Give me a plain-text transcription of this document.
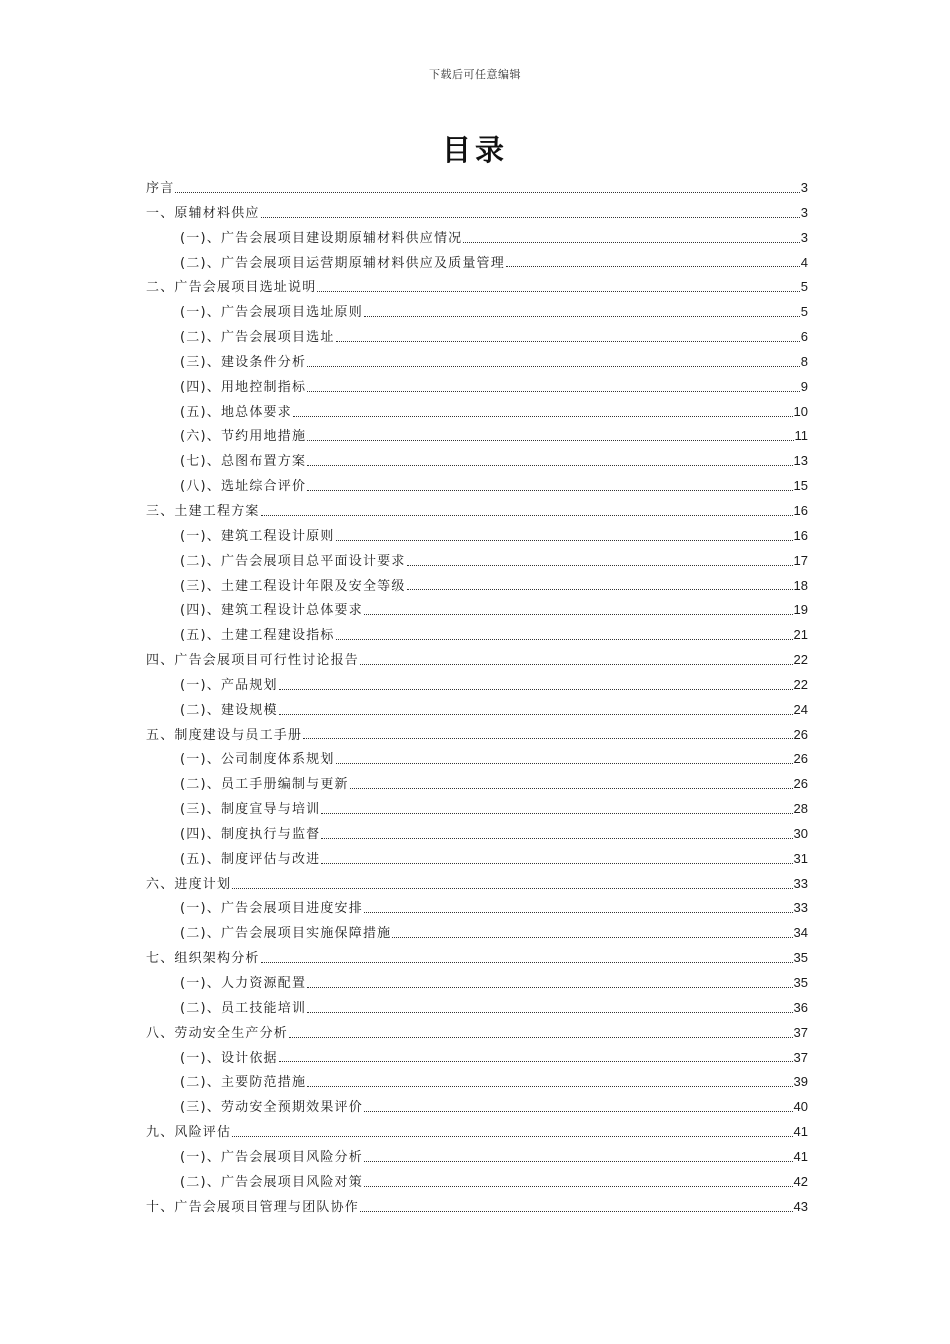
下载后可任意编辑
目录
序言	3
一、原辅材料供应	3
(一)、广告会展项目建设期原辅材料供应情况	3
(二)、广告会展项目运营期原辅材料供应及质量管理	4
二、广告会展项目选址说明	5
(一)、广告会展项目选址原则	5
(二)、广告会展项目选址	6
(三)、建设条件分析	8
(四)、用地控制指标	9
(五)、地总体要求	10
(六)、节约用地措施	11
(七)、总图布置方案	13
(八)、选址综合评价	15
三、土建工程方案	16
(一)、建筑工程设计原则	16
(二)、广告会展项目总平面设计要求	17
(三)、土建工程设计年限及安全等级	18
(四)、建筑工程设计总体要求	19
(五)、土建工程建设指标	21
四、广告会展项目可行性讨论报告	22
(一)、产品规划	22
(二)、建设规模	24
五、制度建设与员工手册	26
(一)、公司制度体系规划	26
(二)、员工手册编制与更新	26
(三)、制度宣导与培训	28
(四)、制度执行与监督	30
(五)、制度评估与改进	31
六、进度计划	33
(一)、广告会展项目进度安排	33
(二)、广告会展项目实施保障措施	34
七、组织架构分析	35
(一)、人力资源配置	35
(二)、员工技能培训	36
八、劳动安全生产分析	37
(一)、设计依据	37
(二)、主要防范措施	39
(三)、劳动安全预期效果评价	40
九、风险评估	41
(一)、广告会展项目风险分析	41
(二)、广告会展项目风险对策	42
十、广告会展项目管理与团队协作	43
